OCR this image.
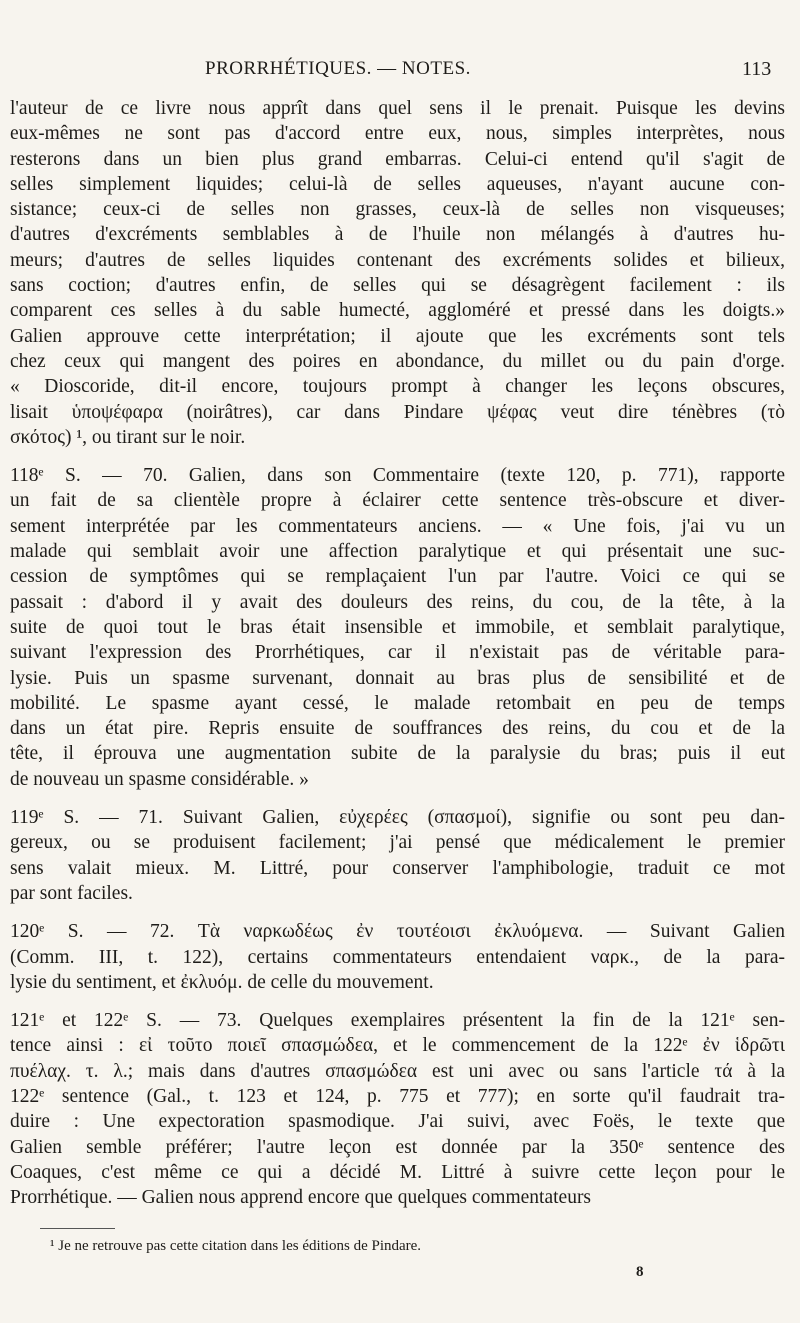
PRORRHÉTIQUES. — NOTES.	113
l'auteur de ce livre nous apprît dans quel sens il le prenait. Puisque les devins
eux-mêmes ne sont pas d'accord entre eux, nous, simples interprètes, nous
resterons dans un bien plus grand embarras. Celui-ci entend qu'il s'agit de
selles simplement liquides; celui-là de selles aqueuses, n'ayant aucune con-
sistance; ceux-ci de selles non grasses, ceux-là de selles non visqueuses;
d'autres d'excréments semblables à de l'huile non mélangés à d'autres hu-
meurs; d'autres de selles liquides contenant des excréments solides et bilieux,
sans coction; d'autres enfin, de selles qui se désagrègent facilement : ils
comparent ces selles à du sable humecté, aggloméré et pressé dans les doigts.»
Galien approuve cette interprétation; il ajoute que les excréments sont tels
chez ceux qui mangent des poires en abondance, du millet ou du pain d'orge.
« Dioscoride, dit-il encore, toujours prompt à changer les leçons obscures,
lisait ὑποψέφαρα (noirâtres), car dans Pindare ψέφας veut dire ténèbres (τὸ
σκότος) ¹, ou tirant sur le noir.
118ᵉ S. — 70. Galien, dans son Commentaire (texte 120, p. 771), rapporte
un fait de sa clientèle propre à éclairer cette sentence très-obscure et diver-
sement interprétée par les commentateurs anciens. — « Une fois, j'ai vu un
malade qui semblait avoir une affection paralytique et qui présentait une suc-
cession de symptômes qui se remplaçaient l'un par l'autre. Voici ce qui se
passait : d'abord il y avait des douleurs des reins, du cou, de la tête, à la
suite de quoi tout le bras était insensible et immobile, et semblait paralytique,
suivant l'expression des Prorrhétiques, car il n'existait pas de véritable para-
lysie. Puis un spasme survenant, donnait au bras plus de sensibilité et de
mobilité. Le spasme ayant cessé, le malade retombait en peu de temps
dans un état pire. Repris ensuite de souffrances des reins, du cou et de la
tête, il éprouva une augmentation subite de la paralysie du bras; puis il eut
de nouveau un spasme considérable. »
119ᵉ S. — 71. Suivant Galien, εὐχερέες (σπασμοί), signifie ou sont peu dan-
gereux, ou se produisent facilement; j'ai pensé que médicalement le premier
sens valait mieux. M. Littré, pour conserver l'amphibologie, traduit ce mot
par sont faciles.
120ᵉ S. — 72. Τὰ ναρκωδέως ἐν τουτέοισι ἐκλυόμενα. — Suivant Galien
(Comm. III, t. 122), certains commentateurs entendaient ναρκ., de la para-
lysie du sentiment, et ἐκλυόμ. de celle du mouvement.
121ᵉ et 122ᵉ S. — 73. Quelques exemplaires présentent la fin de la 121ᵉ sen-
tence ainsi : εἰ τοῦτο ποιεῖ σπασμώδεα, et le commencement de la 122ᵉ ἐν ἱδρῶτι
πυέλαχ. τ. λ.; mais dans d'autres σπασμώδεα est uni avec ou sans l'article τά à la
122ᵉ sentence (Gal., t. 123 et 124, p. 775 et 777); en sorte qu'il faudrait tra-
duire : Une expectoration spasmodique. J'ai suivi, avec Foës, le texte que
Galien semble préférer; l'autre leçon est donnée par la 350ᵉ sentence des
Coaques, c'est même ce qui a décidé M. Littré à suivre cette leçon pour le
Prorrhétique. — Galien nous apprend encore que quelques commentateurs
¹ Je ne retrouve pas cette citation dans les éditions de Pindare.
8
